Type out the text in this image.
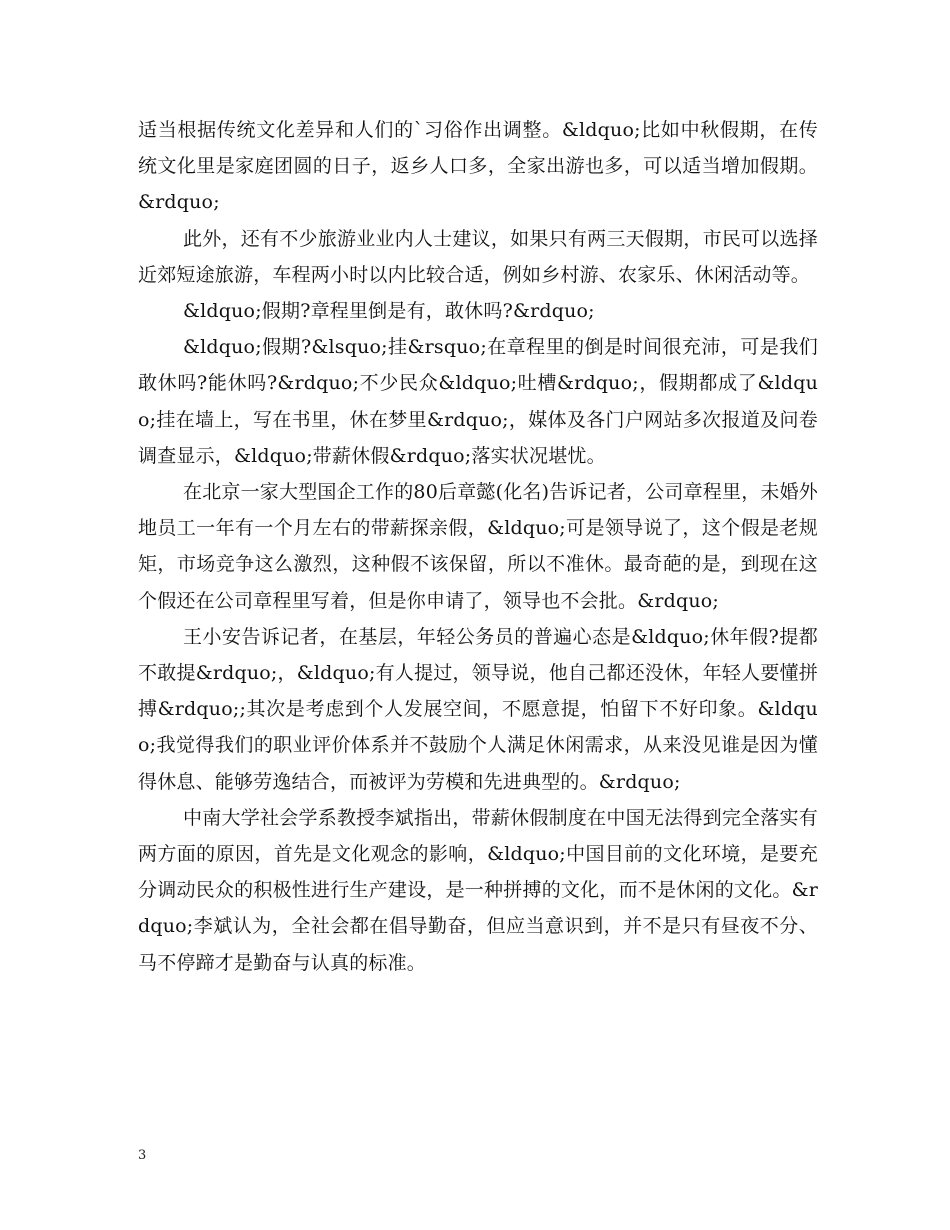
适当根据传统文化差异和人们的`习俗作出调整。&ldquo;比如中秋假期，在传统文化里是家庭团圆的日子，返乡人口多，全家出游也多，可以适当增加假期。&rdquo;

此外，还有不少旅游业业内人士建议，如果只有两三天假期，市民可以选择近郊短途旅游，车程两小时以内比较合适，例如乡村游、农家乐、休闲活动等。

&ldquo;假期?章程里倒是有，敢休吗?&rdquo;

&ldquo;假期?&lsquo;挂&rsquo;在章程里的倒是时间很充沛，可是我们敢休吗?能休吗?&rdquo;不少民众&ldquo;吐槽&rdquo;，假期都成了&ldquo;挂在墙上，写在书里，休在梦里&rdquo;，媒体及各门户网站多次报道及问卷调查显示，&ldquo;带薪休假&rdquo;落实状况堪忧。

在北京一家大型国企工作的80后章懿(化名)告诉记者，公司章程里，未婚外地员工一年有一个月左右的带薪探亲假，&ldquo;可是领导说了，这个假是老规矩，市场竞争这么激烈，这种假不该保留，所以不准休。最奇葩的是，到现在这个假还在公司章程里写着，但是你申请了，领导也不会批。&rdquo;

王小安告诉记者，在基层，年轻公务员的普遍心态是&ldquo;休年假?提都不敢提&rdquo;，&ldquo;有人提过，领导说，他自己都还没休，年轻人要懂拼搏&rdquo;;其次是考虑到个人发展空间，不愿意提，怕留下不好印象。&ldquo;我觉得我们的职业评价体系并不鼓励个人满足休闲需求，从来没见谁是因为懂得休息、能够劳逸结合，而被评为劳模和先进典型的。&rdquo;

中南大学社会学系教授李斌指出，带薪休假制度在中国无法得到完全落实有两方面的原因，首先是文化观念的影响，&ldquo;中国目前的文化环境，是要充分调动民众的积极性进行生产建设，是一种拼搏的文化，而不是休闲的文化。&rdquo;李斌认为，全社会都在倡导勤奋，但应当意识到，并不是只有昼夜不分、马不停蹄才是勤奋与认真的标准。

3
